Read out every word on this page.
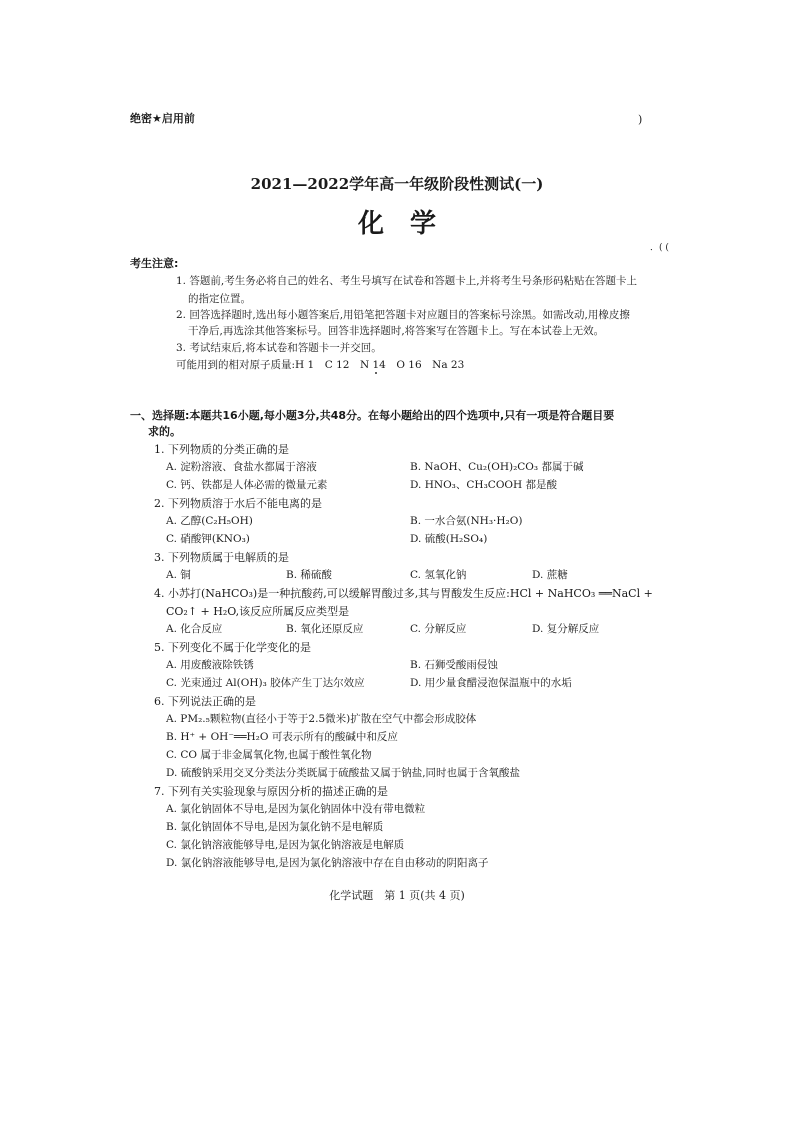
绝密★启用前	)
2021—2022学年高一年级阶段性测试(一)
化学
．( (
考生注意:
1. 答题前,考生务必将自己的姓名、考生号填写在试卷和答题卡上,并将考生号条形码粘贴在答题卡上
的指定位置。
2. 回答选择题时,选出每小题答案后,用铅笔把答题卡对应题目的答案标号涂黑。如需改动,用橡皮擦
干净后,再选涂其他答案标号。回答非选择题时,将答案写在答题卡上。写在本试卷上无效。
3. 考试结束后,将本试卷和答题卡一并交回。
可能用到的相对原子质量:H 1　C 12　N 14　O 16　Na 23
一、选择题:本题共16小题,每小题3分,共48分。在每小题给出的四个选项中,只有一项是符合题目要
求的。
1. 下列物质的分类正确的是
A. 淀粉溶液、食盐水都属于溶液	B. NaOH、Cu₂(OH)₂CO₃ 都属于碱
C. 钙、铁都是人体必需的微量元素	D. HNO₃、CH₃COOH 都是酸
2. 下列物质溶于水后不能电离的是
A. 乙醇(C₂H₅OH)	B. 一水合氨(NH₃·H₂O)
C. 硝酸钾(KNO₃)	D. 硫酸(H₂SO₄)
3. 下列物质属于电解质的是
A. 铜	B. 稀硫酸	C. 氢氧化钠	D. 蔗糖
4. 小苏打(NaHCO₃)是一种抗酸药,可以缓解胃酸过多,其与胃酸发生反应:HCl + NaHCO₃ ══NaCl +
CO₂↑ + H₂O,该反应所属反应类型是
A. 化合反应	B. 氧化还原反应	C. 分解反应	D. 复分解反应
5. 下列变化不属于化学变化的是
A. 用废酸液除铁锈	B. 石狮受酸雨侵蚀
C. 光束通过 Al(OH)₃ 胶体产生丁达尔效应	D. 用少量食醋浸泡保温瓶中的水垢
6. 下列说法正确的是
A. PM₂.₅颗粒物(直径小于等于2.5微米)扩散在空气中都会形成胶体
B. H⁺ + OH⁻══H₂O 可表示所有的酸碱中和反应
C. CO 属于非金属氧化物,也属于酸性氧化物
D. 硫酸钠采用交叉分类法分类既属于硫酸盐又属于钠盐,同时也属于含氧酸盐
7. 下列有关实验现象与原因分析的描述正确的是
A. 氯化钠固体不导电,是因为氯化钠固体中没有带电微粒
B. 氯化钠固体不导电,是因为氯化钠不是电解质
C. 氯化钠溶液能够导电,是因为氯化钠溶液是电解质
D. 氯化钠溶液能够导电,是因为氯化钠溶液中存在自由移动的阴阳离子
化学试题　第 1 页(共 4 页)
